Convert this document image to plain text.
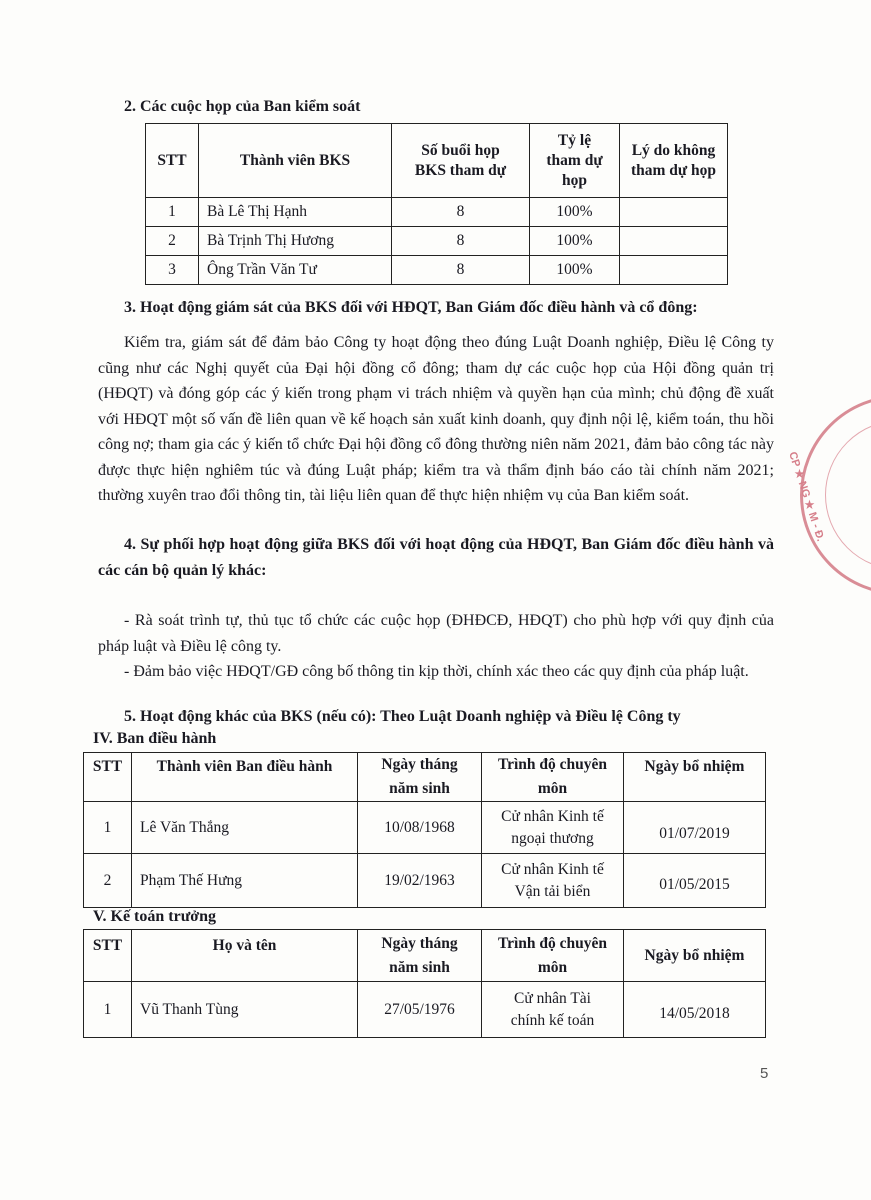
2. Các cuộc họp của Ban kiểm soát
STT	Thành viên BKS	Số buổi họp BKS tham dự	Tỷ lệ tham dự họp	Lý do không tham dự họp
1	Bà Lê Thị Hạnh	8	100%	
2	Bà Trịnh Thị Hương	8	100%	
3	Ông Trần Văn Tư	8	100%	
3. Hoạt động giám sát của BKS đối với HĐQT, Ban Giám đốc điều hành và cổ đông:
Kiểm tra, giám sát để đảm bảo Công ty hoạt động theo đúng Luật Doanh nghiệp, Điều lệ Công ty cũng như các Nghị quyết của Đại hội đồng cổ đông; tham dự các cuộc họp của Hội đồng quản trị (HĐQT) và đóng góp các ý kiến trong phạm vi trách nhiệm và quyền hạn của mình; chủ động đề xuất với HĐQT một số vấn đề liên quan về kế hoạch sản xuất kinh doanh, quy định nội lệ, kiểm toán, thu hồi công nợ; tham gia các ý kiến tổ chức Đại hội đồng cổ đông thường niên năm 2021, đảm bảo công tác này được thực hiện nghiêm túc và đúng Luật pháp; kiểm tra và thẩm định báo cáo tài chính năm 2021; thường xuyên trao đổi thông tin, tài liệu liên quan để thực hiện nhiệm vụ của Ban kiểm soát.
4. Sự phối hợp hoạt động giữa BKS đối với hoạt động của HĐQT, Ban Giám đốc điều hành và các cán bộ quản lý khác:
- Rà soát trình tự, thủ tục tổ chức các cuộc họp (ĐHĐCĐ, HĐQT) cho phù hợp với quy định của pháp luật và Điều lệ công ty.
- Đảm bảo việc HĐQT/GĐ công bố thông tin kịp thời, chính xác theo các quy định của pháp luật.
5. Hoạt động khác của BKS (nếu có): Theo Luật Doanh nghiệp và Điều lệ Công ty
IV. Ban điều hành
STT	Thành viên Ban điều hành	Ngày tháng năm sinh	Trình độ chuyên môn	Ngày bổ nhiệm
1	Lê Văn Thắng	10/08/1968	Cử nhân Kinh tế ngoại thương	01/07/2019
2	Phạm Thế Hưng	19/02/1963	Cử nhân Kinh tế Vận tải biển	01/05/2015
V. Kế toán trưởng
STT	Họ và tên	Ngày tháng năm sinh	Trình độ chuyên môn	Ngày bổ nhiệm
1	Vũ Thanh Tùng	27/05/1976	Cử nhân Tài chính kế toán	14/05/2018
5
CP ★ NG ★ M - Đ.
